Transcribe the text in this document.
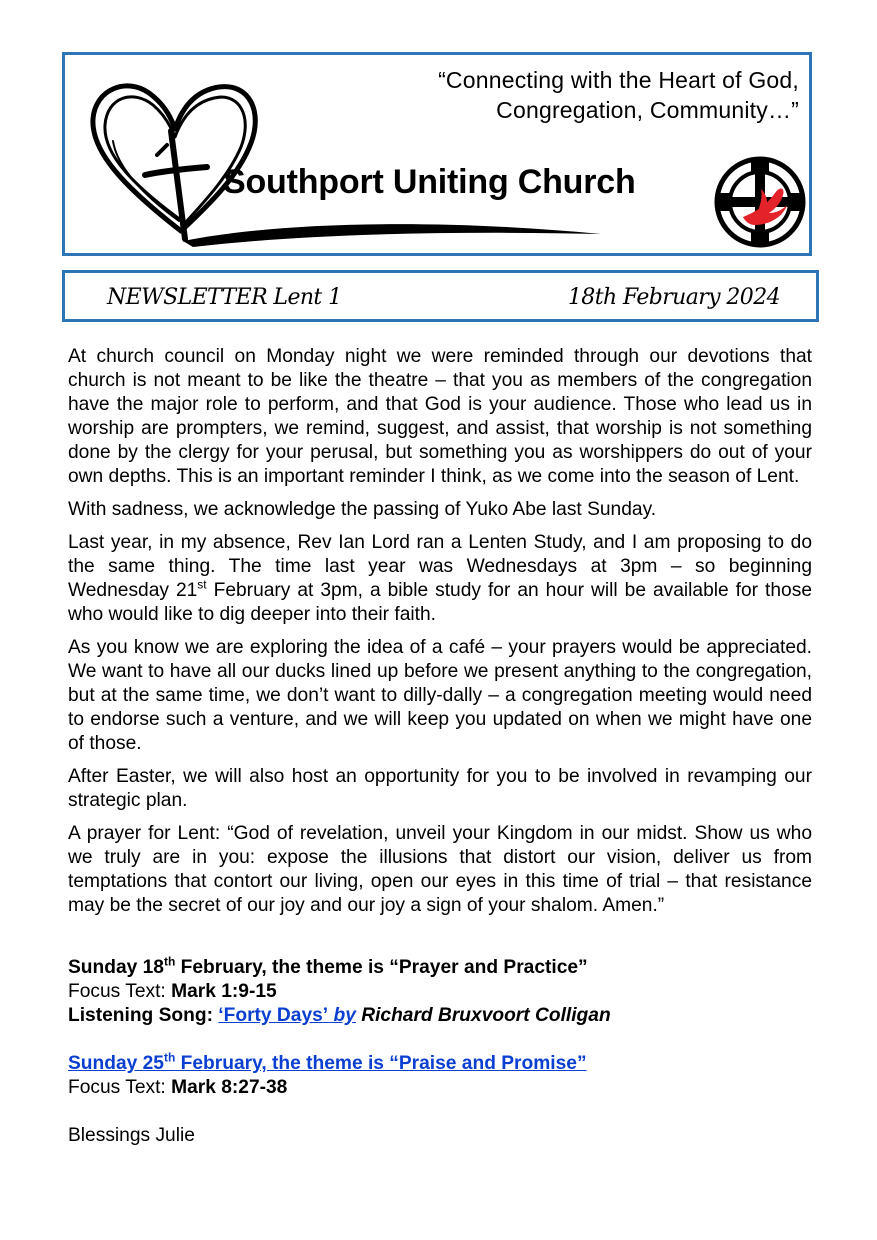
“Connecting with the Heart of God,
Congregation, Community…”
Southport Uniting Church
NEWSLETTER Lent 1	18th February 2024

At church council on Monday night we were reminded through our devotions that church is not meant to be like the theatre – that you as members of the congregation have the major role to perform, and that God is your audience. Those who lead us in worship are prompters, we remind, suggest, and assist, that worship is not something done by the clergy for your perusal, but something you as worshippers do out of your own depths. This is an important reminder I think, as we come into the season of Lent.

With sadness, we acknowledge the passing of Yuko Abe last Sunday.

Last year, in my absence, Rev Ian Lord ran a Lenten Study, and I am proposing to do the same thing. The time last year was Wednesdays at 3pm – so beginning Wednesday 21st February at 3pm, a bible study for an hour will be available for those who would like to dig deeper into their faith.

As you know we are exploring the idea of a café – your prayers would be appreciated. We want to have all our ducks lined up before we present anything to the congregation, but at the same time, we don’t want to dilly-dally – a congregation meeting would need to endorse such a venture, and we will keep you updated on when we might have one of those.

After Easter, we will also host an opportunity for you to be involved in revamping our strategic plan.

A prayer for Lent: “God of revelation, unveil your Kingdom in our midst. Show us who we truly are in you: expose the illusions that distort our vision, deliver us from temptations that contort our living, open our eyes in this time of trial – that resistance may be the secret of our joy and our joy a sign of your shalom. Amen.”

Sunday 18th February, the theme is “Prayer and Practice”
Focus Text: Mark 1:9-15
Listening Song: ‘Forty Days’ by Richard Bruxvoort Colligan
Sunday 25th February, the theme is “Praise and Promise”
Focus Text: Mark 8:27-38
Blessings Julie
